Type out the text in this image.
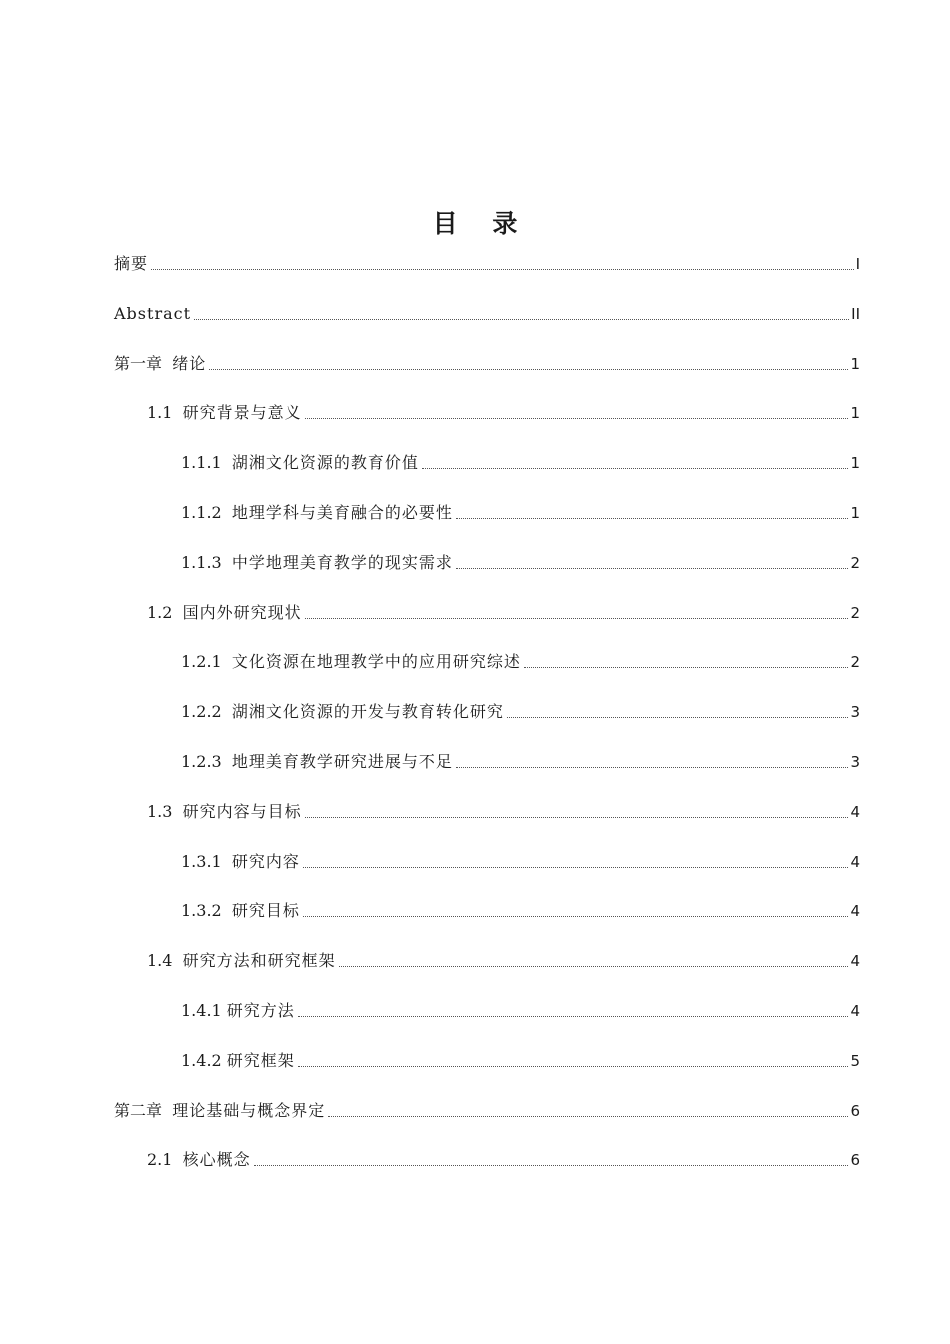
目    录
摘要	I
Abstract	II
第一章 绪论	1
1.1 研究背景与意义	1
1.1.1 湖湘文化资源的教育价值	1
1.1.2 地理学科与美育融合的必要性	1
1.1.3 中学地理美育教学的现实需求	2
1.2 国内外研究现状	2
1.2.1 文化资源在地理教学中的应用研究综述	2
1.2.2 湖湘文化资源的开发与教育转化研究	3
1.2.3 地理美育教学研究进展与不足	3
1.3 研究内容与目标	4
1.3.1 研究内容	4
1.3.2 研究目标	4
1.4 研究方法和研究框架	4
1.4.1 研究方法	4
1.4.2 研究框架	5
第二章 理论基础与概念界定	6
2.1 核心概念	6
